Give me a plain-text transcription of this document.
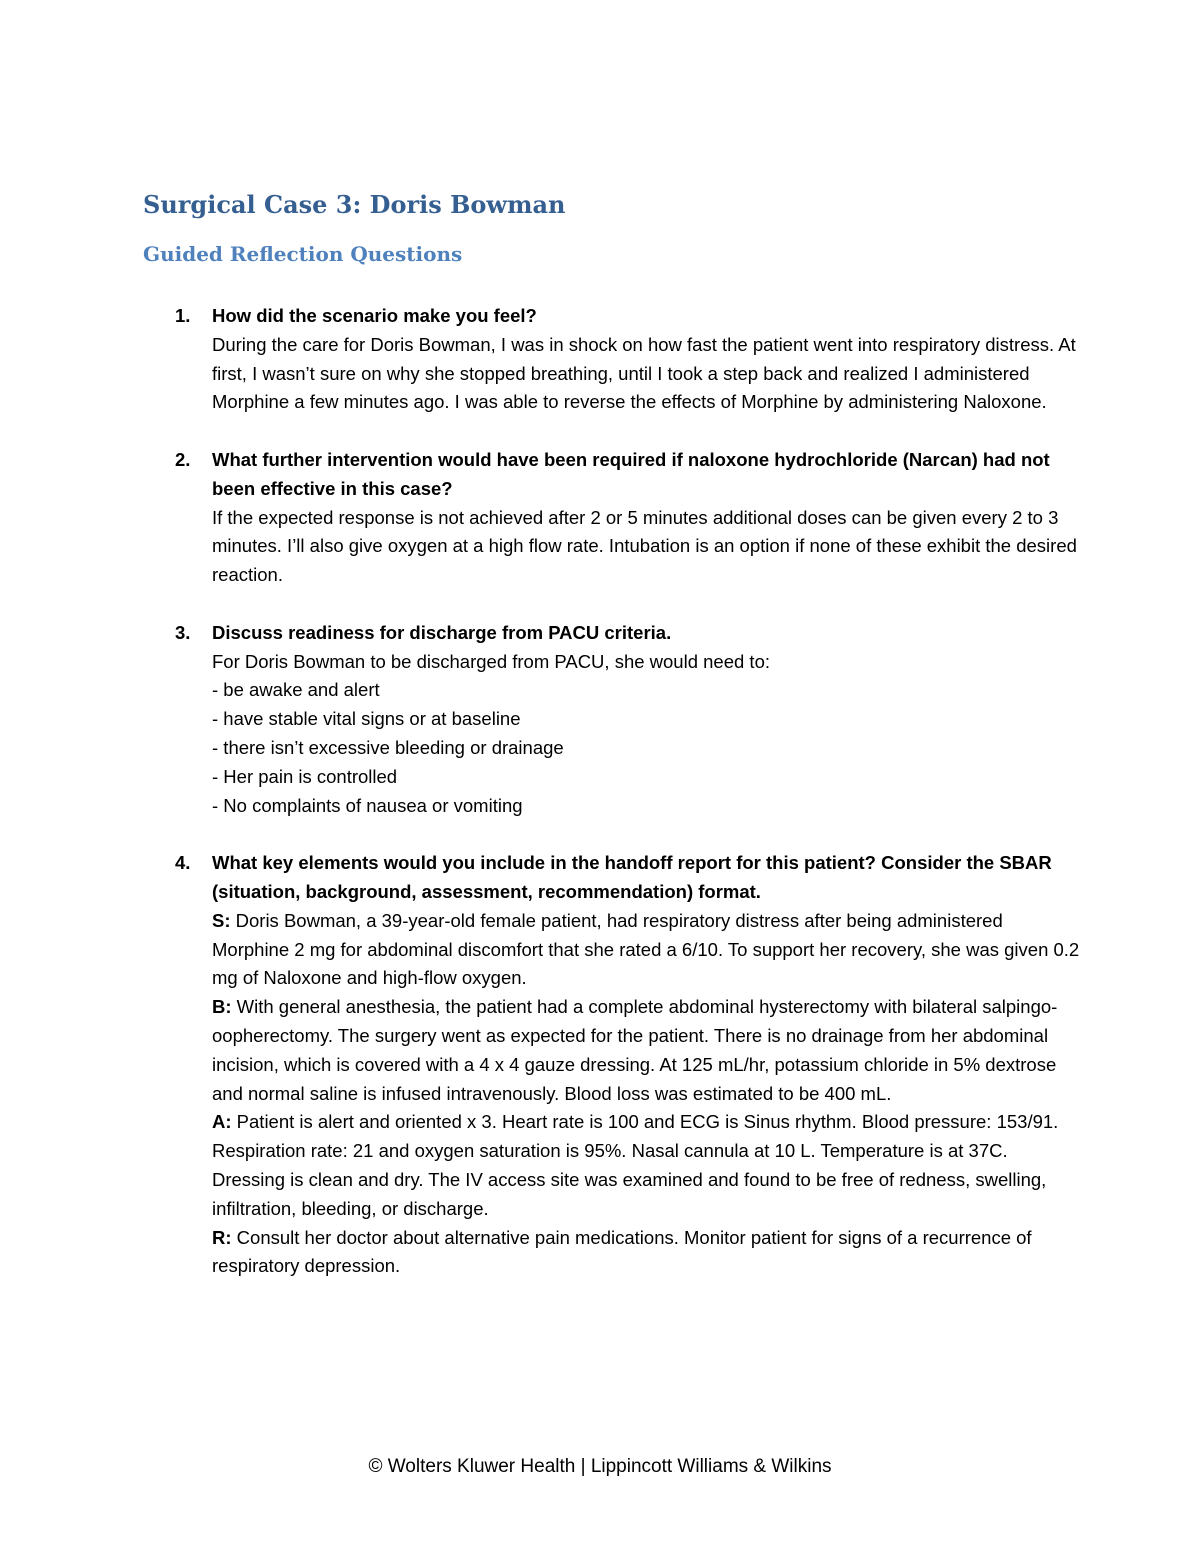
Surgical Case 3: Doris Bowman
Guided Reflection Questions
1. How did the scenario make you feel?
During the care for Doris Bowman, I was in shock on how fast the patient went into respiratory distress. At first, I wasn’t sure on why she stopped breathing, until I took a step back and realized I administered Morphine a few minutes ago. I was able to reverse the effects of Morphine by administering Naloxone.
2. What further intervention would have been required if naloxone hydrochloride (Narcan) had not been effective in this case?
If the expected response is not achieved after 2 or 5 minutes additional doses can be given every 2 to 3 minutes. I’ll also give oxygen at a high flow rate. Intubation is an option if none of these exhibit the desired reaction.
3. Discuss readiness for discharge from PACU criteria.
For Doris Bowman to be discharged from PACU, she would need to:
- be awake and alert
- have stable vital signs or at baseline
- there isn’t excessive bleeding or drainage
- Her pain is controlled
- No complaints of nausea or vomiting
4. What key elements would you include in the handoff report for this patient? Consider the SBAR (situation, background, assessment, recommendation) format.
S: Doris Bowman, a 39-year-old female patient, had respiratory distress after being administered Morphine 2 mg for abdominal discomfort that she rated a 6/10. To support her recovery, she was given 0.2 mg of Naloxone and high-flow oxygen.
B: With general anesthesia, the patient had a complete abdominal hysterectomy with bilateral salpingo-oopherectomy. The surgery went as expected for the patient. There is no drainage from her abdominal incision, which is covered with a 4 x 4 gauze dressing. At 125 mL/hr, potassium chloride in 5% dextrose and normal saline is infused intravenously. Blood loss was estimated to be 400 mL.
A: Patient is alert and oriented x 3. Heart rate is 100 and ECG is Sinus rhythm. Blood pressure: 153/91. Respiration rate: 21 and oxygen saturation is 95%. Nasal cannula at 10 L. Temperature is at 37C. Dressing is clean and dry. The IV access site was examined and found to be free of redness, swelling, infiltration, bleeding, or discharge.
R: Consult her doctor about alternative pain medications. Monitor patient for signs of a recurrence of respiratory depression.
© Wolters Kluwer Health | Lippincott Williams & Wilkins
